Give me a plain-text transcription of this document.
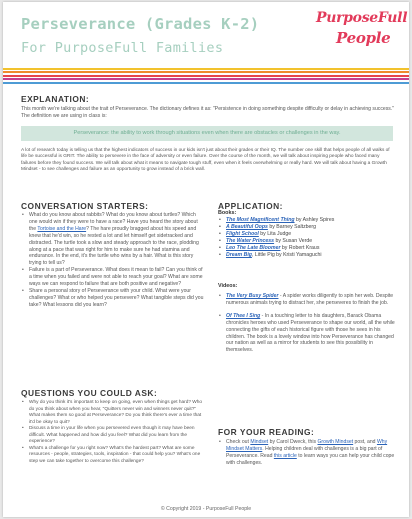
Perseverance (Grades K-2)
For PurposeFull Families
PurposeFull
People
EXPLANATION:
This month we're talking about the trait of Perseverance. The dictionary defines it as: "Persistence in doing something despite difficulty or delay in achieving success." The definition we are using in class is:
Perseverance: the ability to work through situations even when there are obstacles or challenges in the way.
A lot of research today is telling us that the highest indicators of success in our kids isn't just about their grades or their IQ. The number one skill that helps people of all walks of life be successful is GRIT. The ability to persevere in the face of adversity or even failure. Over the course of the month, we will talk about inspiring people who faced many failures before they found success. We will talk about what it means to navigate tough stuff, even when it feels overwhelming or really hard. We will talk about having a Growth Mindset - to see challenges and failure as an opportunity to grow instead of a brick wall.
CONVERSATION STARTERS:
• What do you know about rabbits? What do you know about turtles? Which one would win if they were to have a race? Have you heard the story about the Tortoise and the Hare? The hare proudly bragged about his speed and knew that he'd win, so he rested a lot and let himself get sidetracked and distracted. The turtle took a slow and steady approach to the race, plodding along at a pace that was right for him to make sure he had stamina and endurance. In the end, it's the turtle who wins by a hair. What is this story trying to tell us?
• Failure is a part of Perseverance. What does it mean to fail? Can you think of a time when you failed and were not able to reach your goal? What are some ways we can respond to failure that are both positive and negative?
• Share a personal story of Perseverance with your child. What were your challenges? What or who helped you persevere? What tangible steps did you take? What lessons did you learn?
QUESTIONS YOU COULD ASK:
• Why do you think it's important to keep on going, even when things get hard? Who do you think about when you hear, "Quitters never win and winners never quit?" What makes them so good at Perseverance? Do you think there's ever a time that it'd be okay to quit?
• Discuss a time in your life when you persevered even though it may have been difficult. What happened and how did you feel? What did you learn from the experience?
• What's a challenge for you right now? What's the hardest part? What are some resources - people, strategies, tools, inspiration - that could help you? What's one step we can take together to overcome this challenge?
APPLICATION:
Books:
• The Most Magnificent Thing by Ashley Spires
• A Beautiful Oops by Barney Saltzberg
• Flight School by Lita Judge
• The Water Princess by Susan Verde
• Leo The Late Bloomer by Robert Kraus
• Dream Big, Little Pig by Kristi Yamaguchi
Videos:
• The Very Busy Spider - A spider works diligently to spin her web. Despite numerous animals trying to distract her, she perseveres to finish the job.
• Of Thee I Sing - In a touching letter to his daughters, Barack Obama chronicles heroes who used Perseverance to shape our world, all the while connecting the gifts of each historical figure with those he sees in his children. The book is a lovely window into how Perseverance has changed our nation as well as a mirror for students to see this possibility in themselves.
FOR YOUR READING:
• Check out Mindset by Carol Dweck, this Growth Mindset post, and Why Mindset Matters. Helping children deal with challenges is a big part of Perseverance. Read this article to learn ways you can help your child cope with challenges.
© Copyright 2019 - PurposeFull People
